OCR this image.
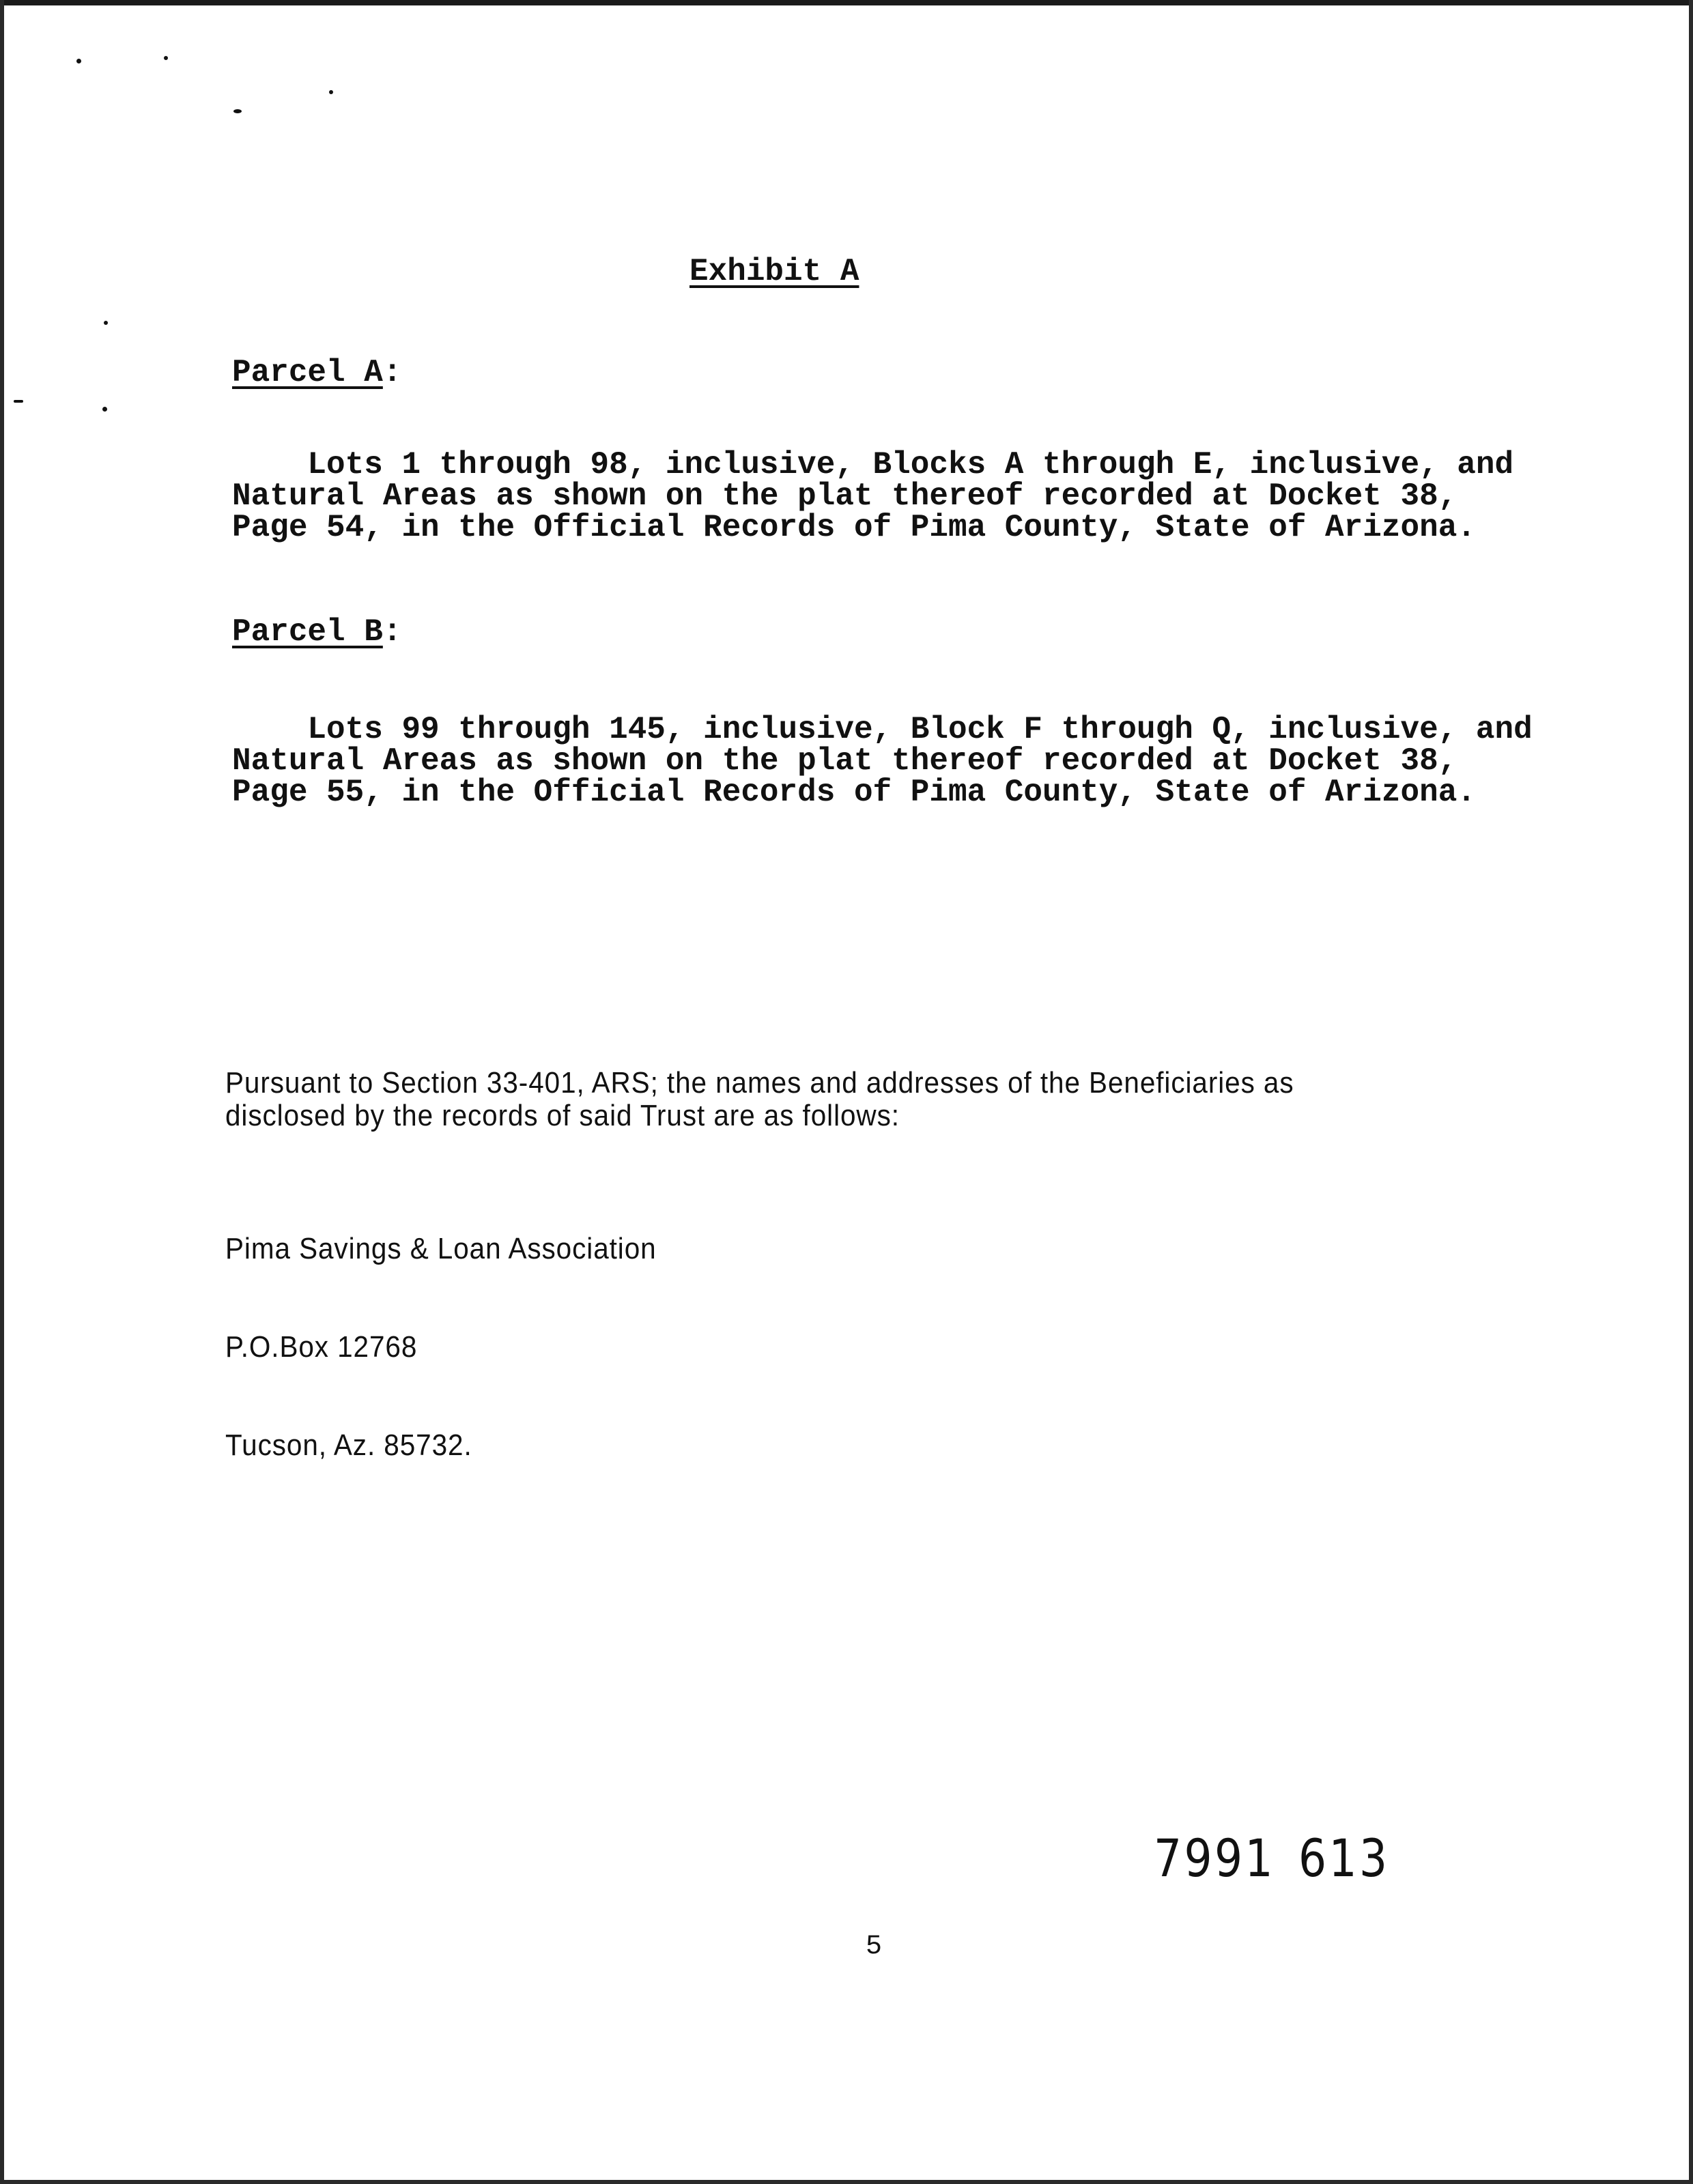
Exhibit A
Parcel A:

Lots 1 through 98, inclusive, Blocks A through E, inclusive, and Natural Areas as shown on the plat thereof recorded at Docket 38, Page 54, in the Official Records of Pima County, State of Arizona.

Parcel B:

Lots 99 through 145, inclusive, Block F through Q, inclusive, and Natural Areas as shown on the plat thereof recorded at Docket 38, Page 55, in the Official Records of Pima County, State of Arizona.

Pursuant to Section 33-401, ARS; the names and addresses of the Beneficiaries as disclosed by the records of said Trust are as follows:

Pima Savings & Loan Association

P.O.Box 12768

Tucson, Az. 85732.

7991 613
5
